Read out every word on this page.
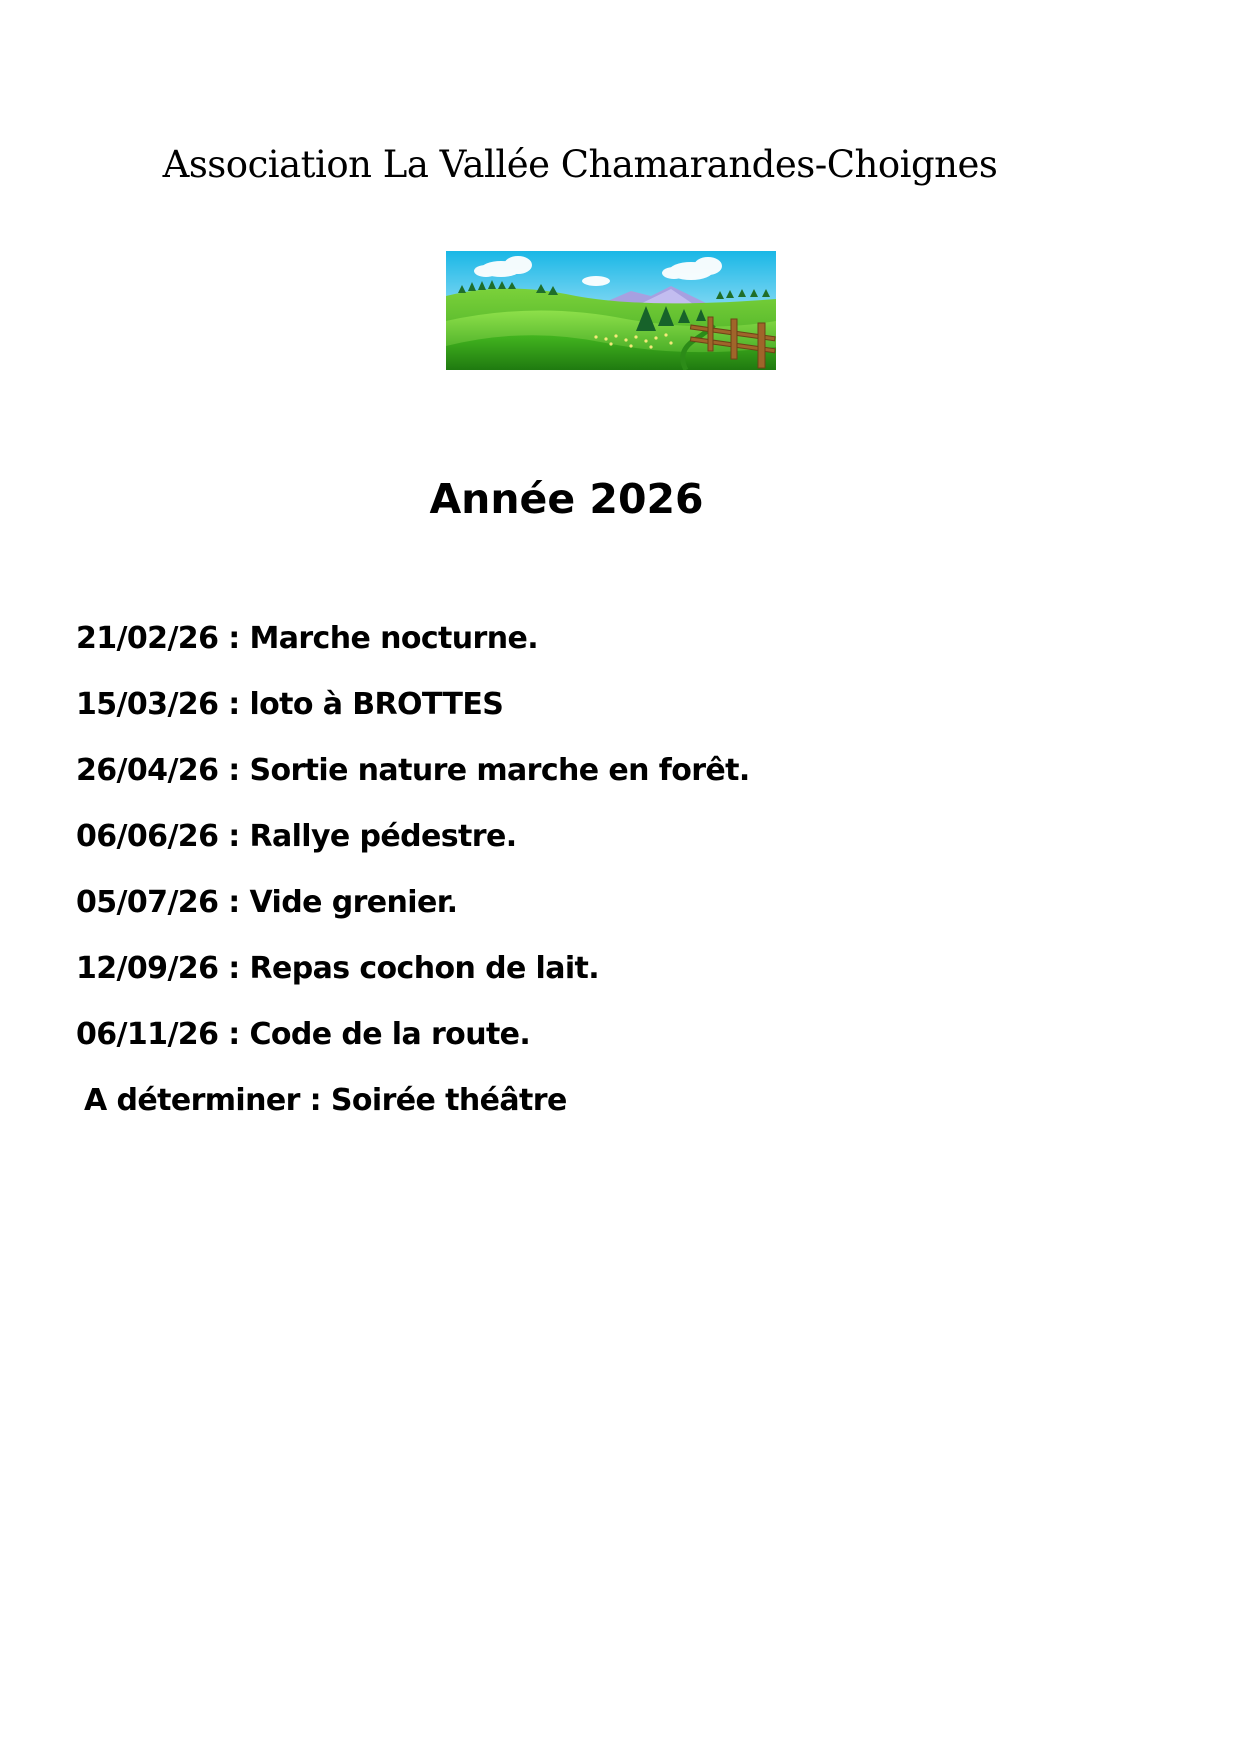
Association La Vallée Chamarandes-Choignes
Année 2026
21/02/26 : Marche nocturne.
15/03/26 : loto à BROTTES
26/04/26 : Sortie nature marche en forêt.
06/06/26 : Rallye pédestre.
05/07/26 : Vide grenier.
12/09/26 : Repas cochon de lait.
06/11/26 : Code de la route.
A déterminer : Soirée théâtre
